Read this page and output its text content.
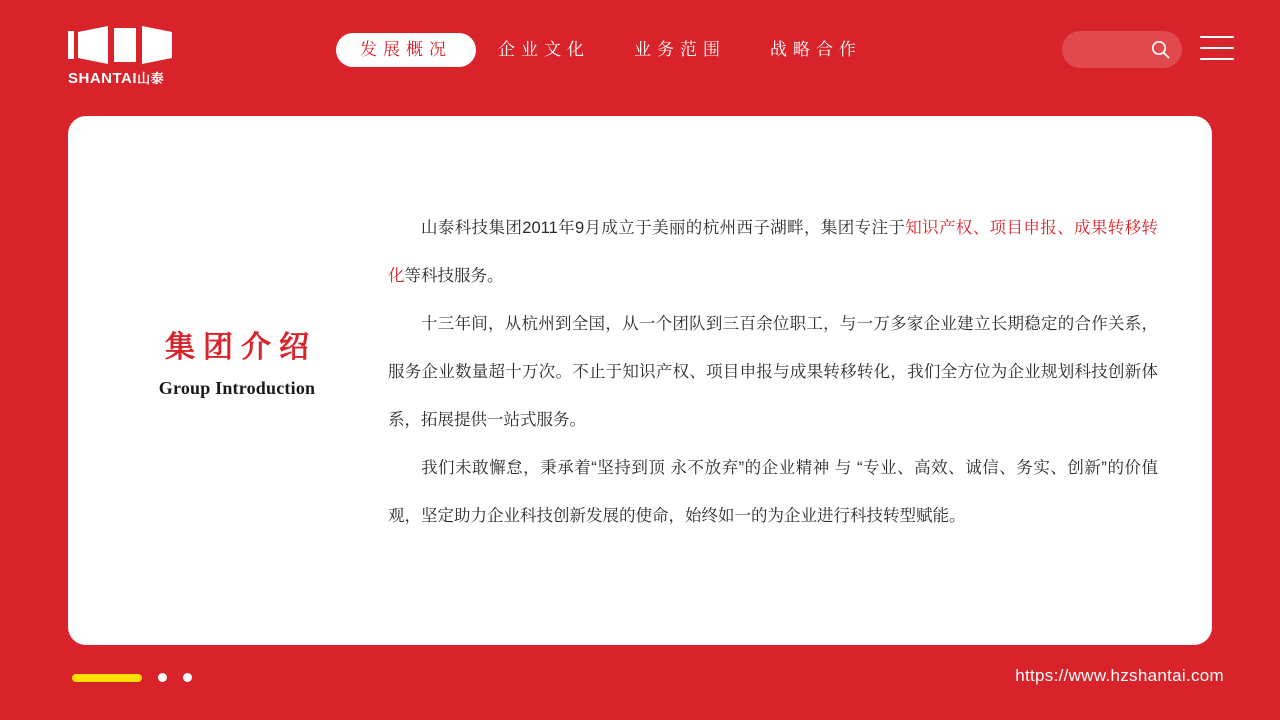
SHANTAI山泰
发展概况	企业文化	业务范围	战略合作
集团介绍
Group Introduction

山泰科技集团2011年9月成立于美丽的杭州西子湖畔，集团专注于知识产权、项目申报、成果转移转化等科技服务。

十三年间，从杭州到全国，从一个团队到三百余位职工，与一万多家企业建立长期稳定的合作关系，服务企业数量超十万次。不止于知识产权、项目申报与成果转移转化，我们全方位为企业规划科技创新体系，拓展提供一站式服务。

我们未敢懈怠，秉承着“坚持到顶 永不放弃”的企业精神 与 “专业、高效、诚信、务实、创新”的价值观，坚定助力企业科技创新发展的使命，始终如一的为企业进行科技转型赋能。

https://www.hzshantai.com
